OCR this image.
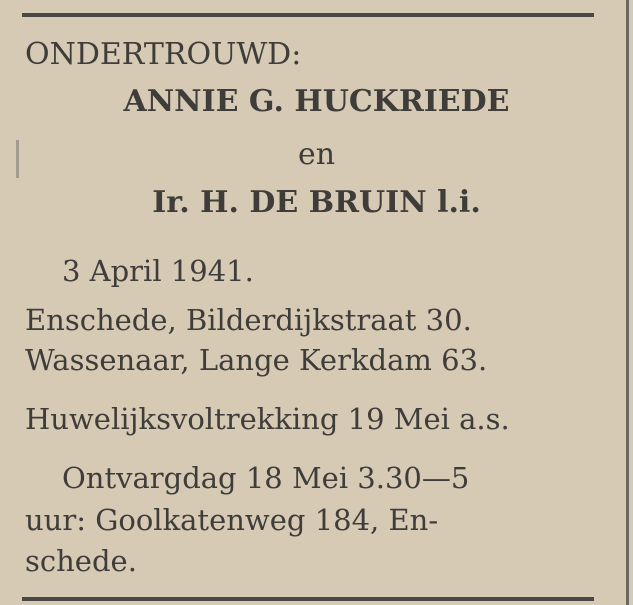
ONDERTROUWD:
ANNIE G. HUCKRIEDE
en
Ir. H. DE BRUIN l.i.
3 April 1941.
Enschede, Bilderdijkstraat 30.
Wassenaar, Lange Kerkdam 63.
Huwelijksvoltrekking 19 Mei a.s.
Ontvargdag 18 Mei 3.30—5
uur: Goolkatenweg 184, En-
schede.
